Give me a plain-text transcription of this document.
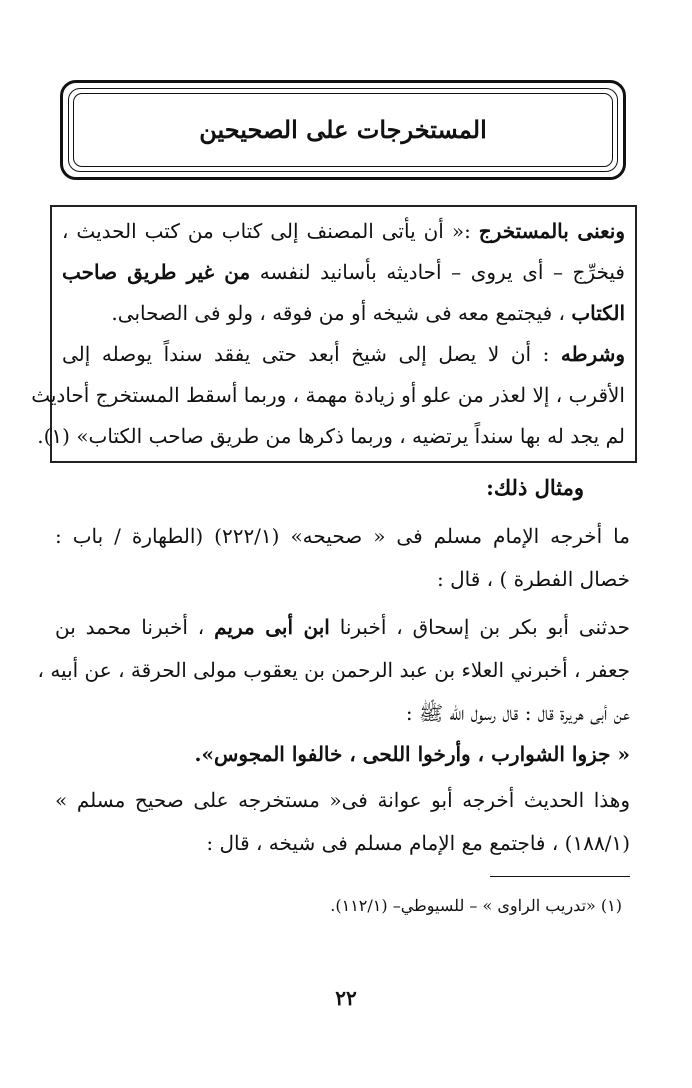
المستخرجات على الصحيحين
ونعنى بالمستخرج :« أن يأتى المصنف إلى كتاب من كتب الحديث ،
فيخرِّج – أى يروى – أحاديثه بأسانيد لنفسه من غير طريق صاحب
الكتاب ، فيجتمع معه فى شيخه أو من فوقه ، ولو فى الصحابى.
وشرطه : أن لا يصل إلى شيخ أبعد حتى يفقد سنداً يوصله إلى
الأقرب ، إلا لعذر من علو أو زيادة مهمة ، وربما أسقط المستخرج أحاديث
لم يجد له بها سنداً يرتضيه ، وربما ذكرها من طريق صاحب الكتاب» (١).
ومثال ذلك:
ما أخرجه الإمام مسلم فى « صحيحه» (٢٢٢/١) (الطهارة / باب :
خصال الفطرة ) ، قال :
حدثنى أبو بكر بن إسحاق ، أخبرنا ابن أبى مريم ، أخبرنا محمد بن
جعفر ، أخبرني العلاء بن عبد الرحمن بن يعقوب مولى الحرقة ، عن أبيه ،
عن أبى هريرة قال : قال رسول الله ﷺ :
« جزوا الشوارب ، وأرخوا اللحى ، خالفوا المجوس».
وهذا الحديث أخرجه أبو عوانة فى« مستخرجه على صحيح مسلم »
(١٨٨/١) ، فاجتمع مع الإمام مسلم فى شيخه ، قال :
(١) «تدريب الراوى » – للسيوطي– (١١٢/١).
٢٢
